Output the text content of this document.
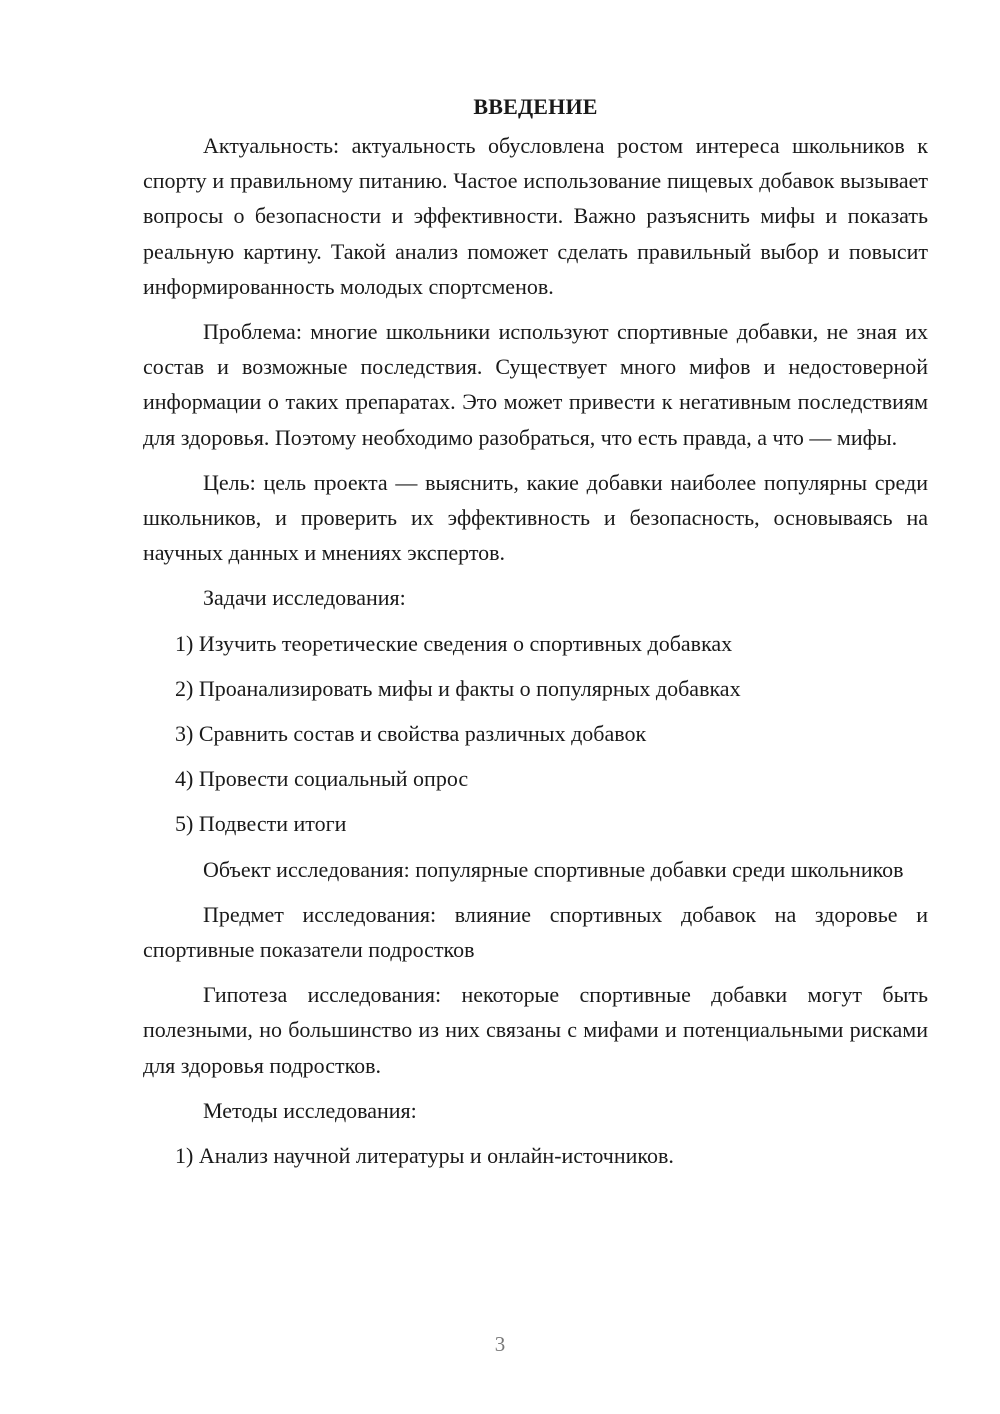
ВВЕДЕНИЕ

Актуальность: актуальность обусловлена ростом интереса школьников к спорту и правильному питанию. Частое использование пищевых добавок вызывает вопросы о безопасности и эффективности. Важно разъяснить мифы и показать реальную картину. Такой анализ поможет сделать правильный выбор и повысит информированность молодых спортсменов.

Проблема: многие школьники используют спортивные добавки, не зная их состав и возможные последствия. Существует много мифов и недостоверной информации о таких препаратах. Это может привести к негативным последствиям для здоровья. Поэтому необходимо разобраться, что есть правда, а что — мифы.

Цель: цель проекта — выяснить, какие добавки наиболее популярны среди школьников, и проверить их эффективность и безопасность, основываясь на научных данных и мнениях экспертов.

Задачи исследования:
1) Изучить теоретические сведения о спортивных добавках
2) Проанализировать мифы и факты о популярных добавках
3) Сравнить состав и свойства различных добавок
4) Провести социальный опрос
5) Подвести итоги

Объект исследования: популярные спортивные добавки среди школьников

Предмет исследования: влияние спортивных добавок на здоровье и спортивные показатели подростков

Гипотеза исследования: некоторые спортивные добавки могут быть полезными, но большинство из них связаны с мифами и потенциальными рисками для здоровья подростков.

Методы исследования:
1) Анализ научной литературы и онлайн-источников.
3
